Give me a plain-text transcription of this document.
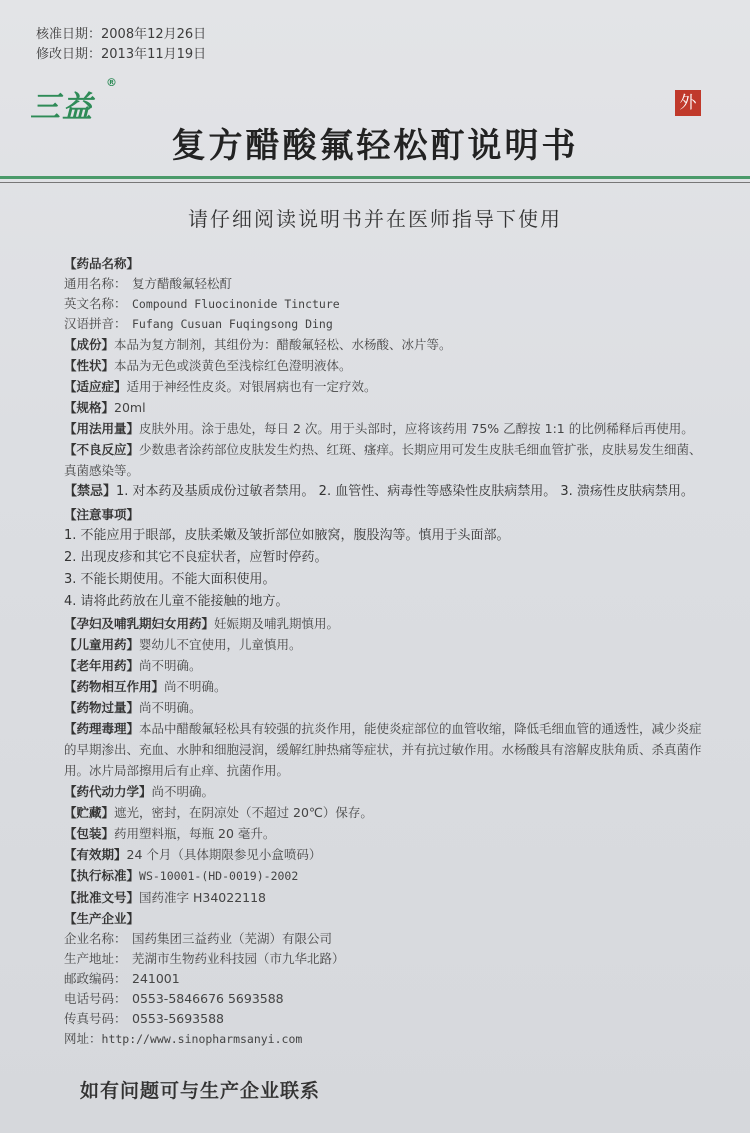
核准日期：2008年12月26日
修改日期：2013年11月19日
三益
®
外
复方醋酸氟轻松酊说明书
请仔细阅读说明书并在医师指导下使用
【药品名称】
通用名称： 复方醋酸氟轻松酊
英文名称： Compound Fluocinonide Tincture
汉语拼音： Fufang Cusuan Fuqingsong Ding
【成份】本品为复方制剂，其组份为：醋酸氟轻松、水杨酸、冰片等。
【性状】本品为无色或淡黄色至浅棕红色澄明液体。
【适应症】适用于神经性皮炎。对银屑病也有一定疗效。
【规格】20ml
【用法用量】皮肤外用。涂于患处，每日 2 次。用于头部时，应将该药用 75% 乙醇按 1:1 的比例稀释后再使用。
【不良反应】少数患者涂药部位皮肤发生灼热、红斑、瘙痒。长期应用可发生皮肤毛细血管扩张，皮肤易发生细菌、真菌感染等。
【禁忌】1. 对本药及基质成份过敏者禁用。 2. 血管性、病毒性等感染性皮肤病禁用。 3. 溃疡性皮肤病禁用。
【注意事项】
1. 不能应用于眼部，皮肤柔嫩及皱折部位如腋窝，腹股沟等。慎用于头面部。
2. 出现皮疹和其它不良症状者，应暂时停药。
3. 不能长期使用。不能大面积使用。
4. 请将此药放在儿童不能接触的地方。
【孕妇及哺乳期妇女用药】妊娠期及哺乳期慎用。
【儿童用药】婴幼儿不宜使用，儿童慎用。
【老年用药】尚不明确。
【药物相互作用】尚不明确。
【药物过量】尚不明确。
【药理毒理】本品中醋酸氟轻松具有较强的抗炎作用，能使炎症部位的血管收缩，降低毛细血管的通透性，减少炎症的早期渗出、充血、水肿和细胞浸润，缓解红肿热痛等症状，并有抗过敏作用。水杨酸具有溶解皮肤角质、杀真菌作用。冰片局部擦用后有止痒、抗菌作用。
【药代动力学】尚不明确。
【贮藏】遮光，密封，在阴凉处（不超过 20℃）保存。
【包装】药用塑料瓶，每瓶 20 毫升。
【有效期】24 个月（具体期限参见小盒喷码）
【执行标准】WS-10001-(HD-0019)-2002
【批准文号】国药准字 H34022118
【生产企业】
企业名称： 国药集团三益药业（芜湖）有限公司
生产地址： 芜湖市生物药业科技园（市九华北路）
邮政编码： 241001
电话号码： 0553-5846676 5693588
传真号码： 0553-5693588
网址：http://www.sinopharmsanyi.com
如有问题可与生产企业联系
